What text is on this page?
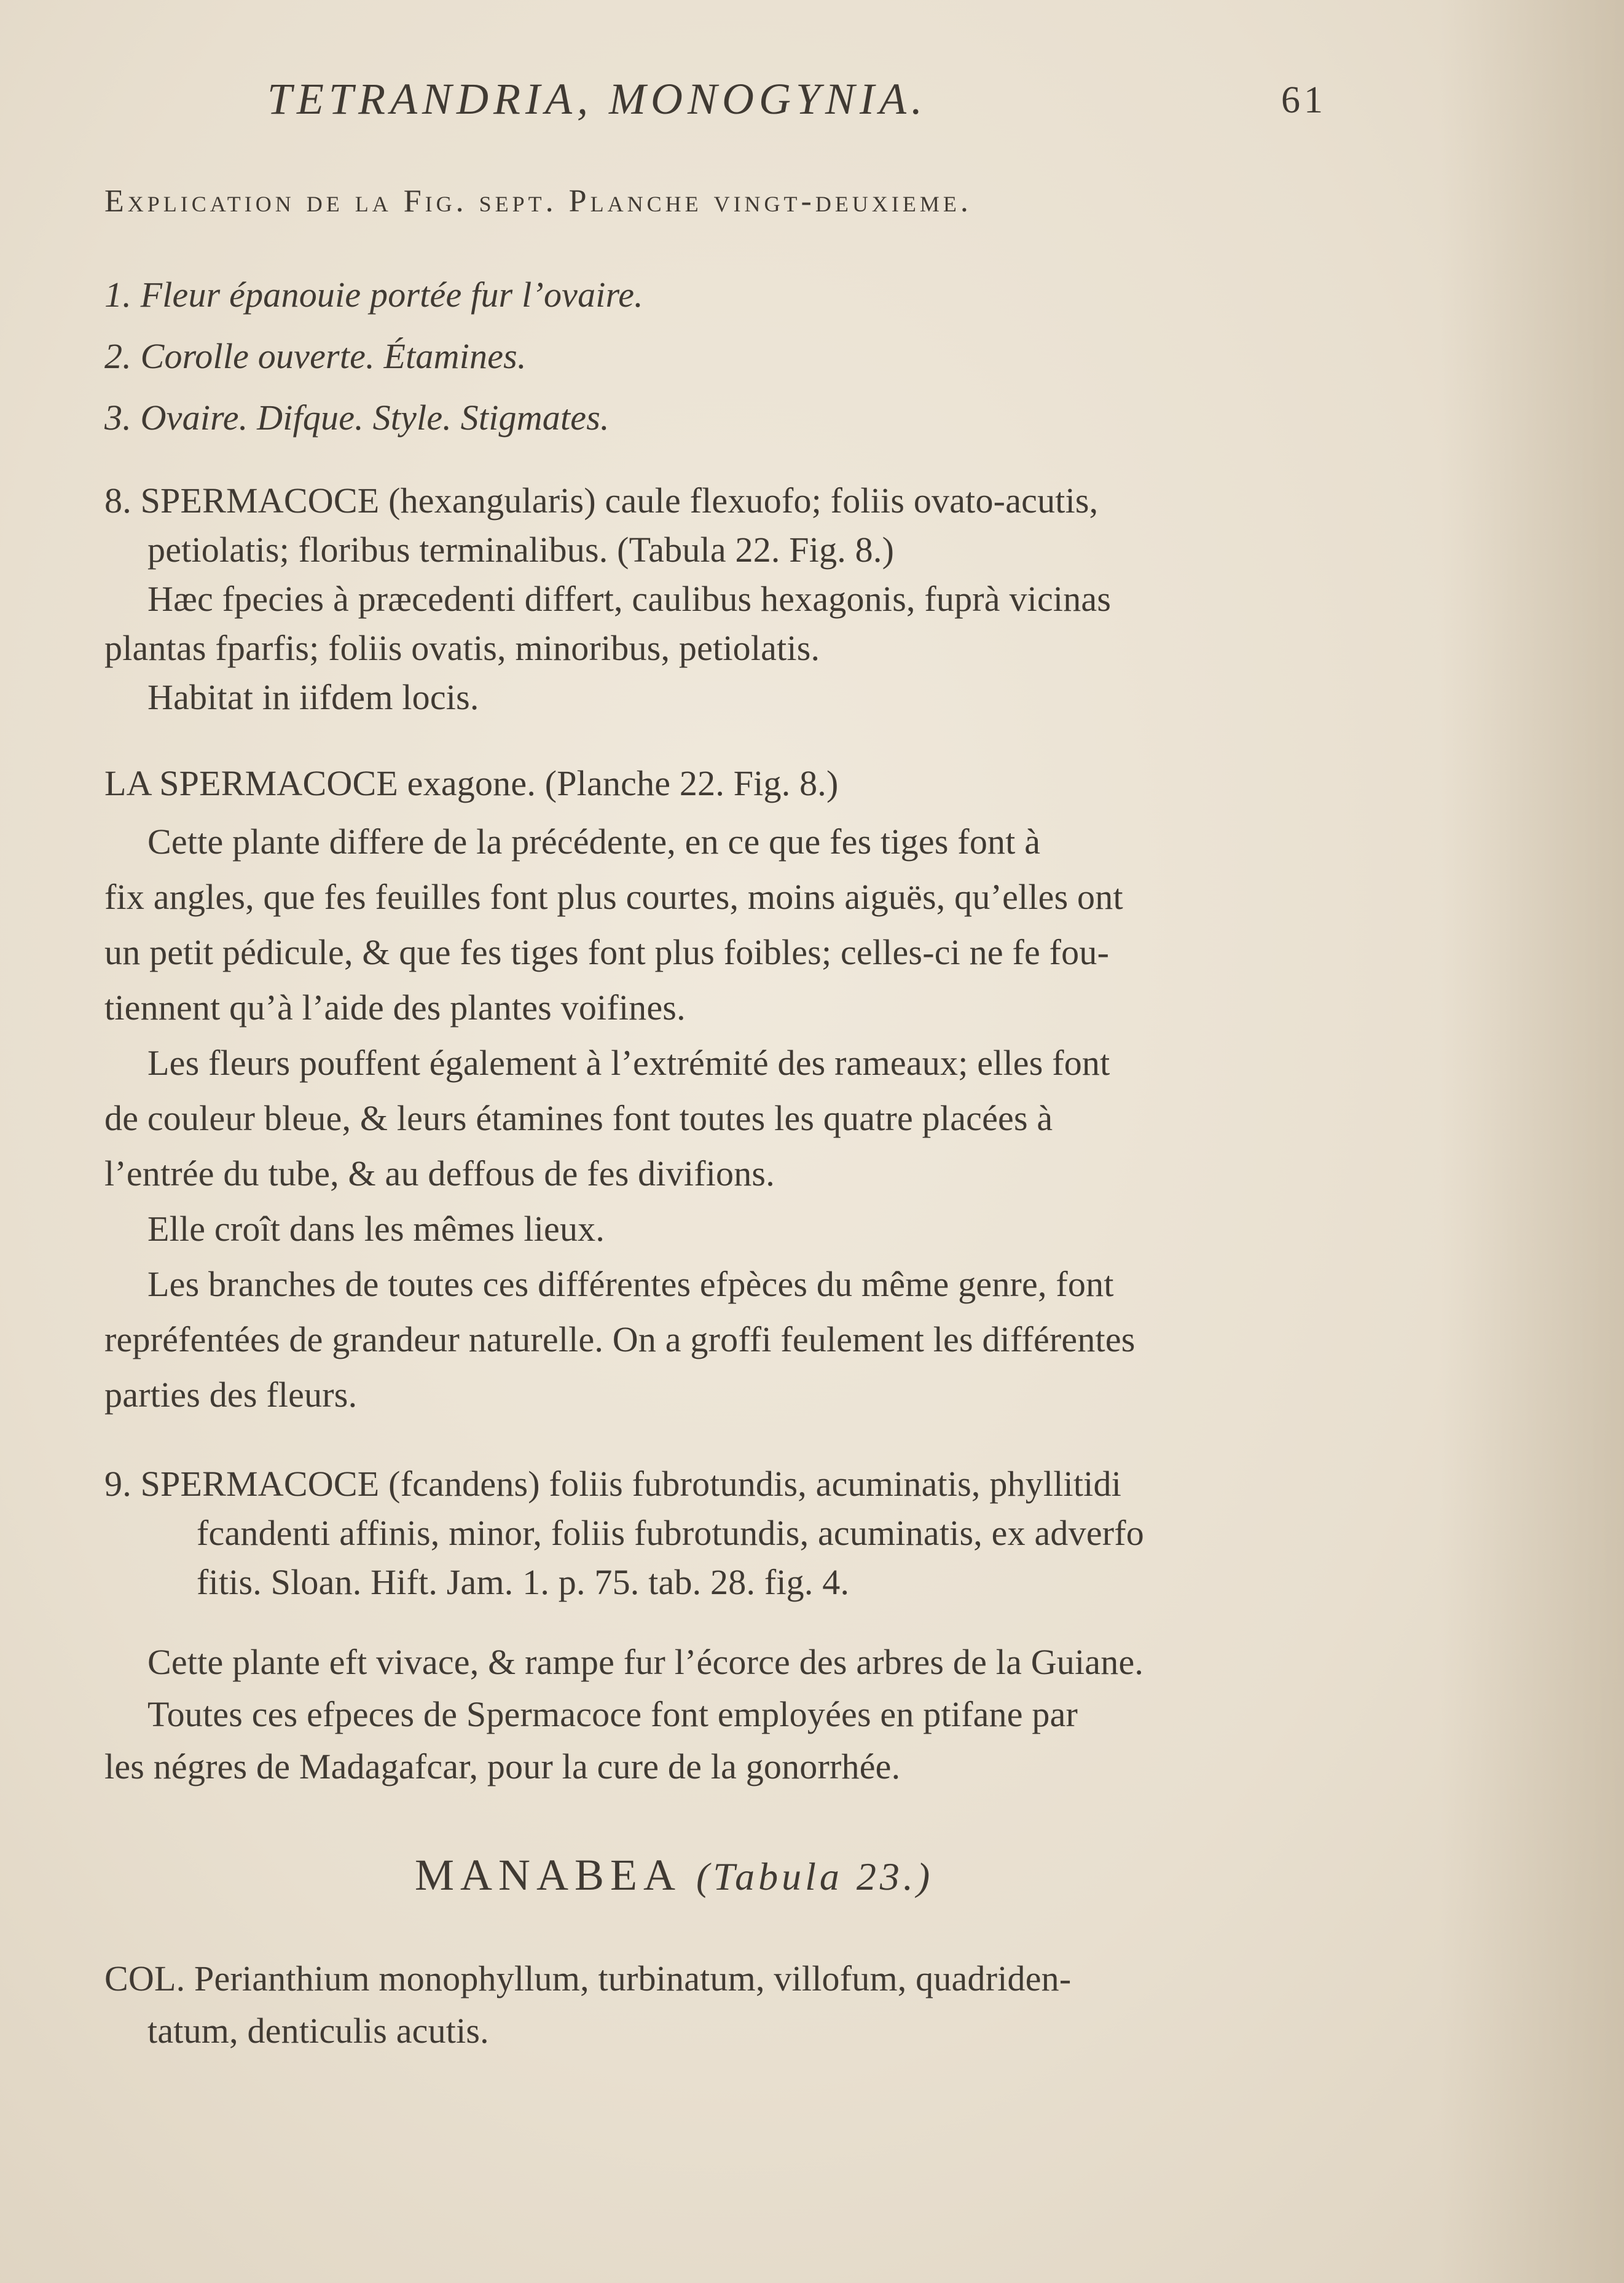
TETRANDRIA, MONOGYNIA.	61
Explication de la Fig. sept. Planche vingt-deuxieme.
1. Fleur épanouie portée fur l’ovaire.
2. Corolle ouverte. Étamines.
3. Ovaire. Difque. Style. Stigmates.
8. SPERMACOCE (hexangularis) caule flexuofo; foliis ovato-acutis,
petiolatis; floribus terminalibus. (Tabula 22. Fig. 8.)
Hæc fpecies à præcedenti differt, caulibus hexagonis, fuprà vicinas
plantas fparfis; foliis ovatis, minoribus, petiolatis.
Habitat in iifdem locis.
LA SPERMACOCE exagone. (Planche 22. Fig. 8.)
Cette plante differe de la précédente, en ce que fes tiges font à
fix angles, que fes feuilles font plus courtes, moins aiguës, qu’elles ont
un petit pédicule, & que fes tiges font plus foibles; celles-ci ne fe fou-
tiennent qu’à l’aide des plantes voifines.
Les fleurs pouffent également à l’extrémité des rameaux; elles font
de couleur bleue, & leurs étamines font toutes les quatre placées à
l’entrée du tube, & au deffous de fes divifions.
Elle croît dans les mêmes lieux.
Les branches de toutes ces différentes efpèces du même genre, font
repréfentées de grandeur naturelle. On a groffi feulement les différentes
parties des fleurs.
9. SPERMACOCE (fcandens) foliis fubrotundis, acuminatis, phyllitidi
fcandenti affinis, minor, foliis fubrotundis, acuminatis, ex adverfo
fitis. Sloan. Hift. Jam. 1. p. 75. tab. 28. fig. 4.
Cette plante eft vivace, & rampe fur l’écorce des arbres de la Guiane.
Toutes ces efpeces de Spermacoce font employées en ptifane par
les négres de Madagafcar, pour la cure de la gonorrhée.
MANABEA (Tabula 23.)
COL. Perianthium monophyllum, turbinatum, villofum, quadriden-
tatum, denticulis acutis.
